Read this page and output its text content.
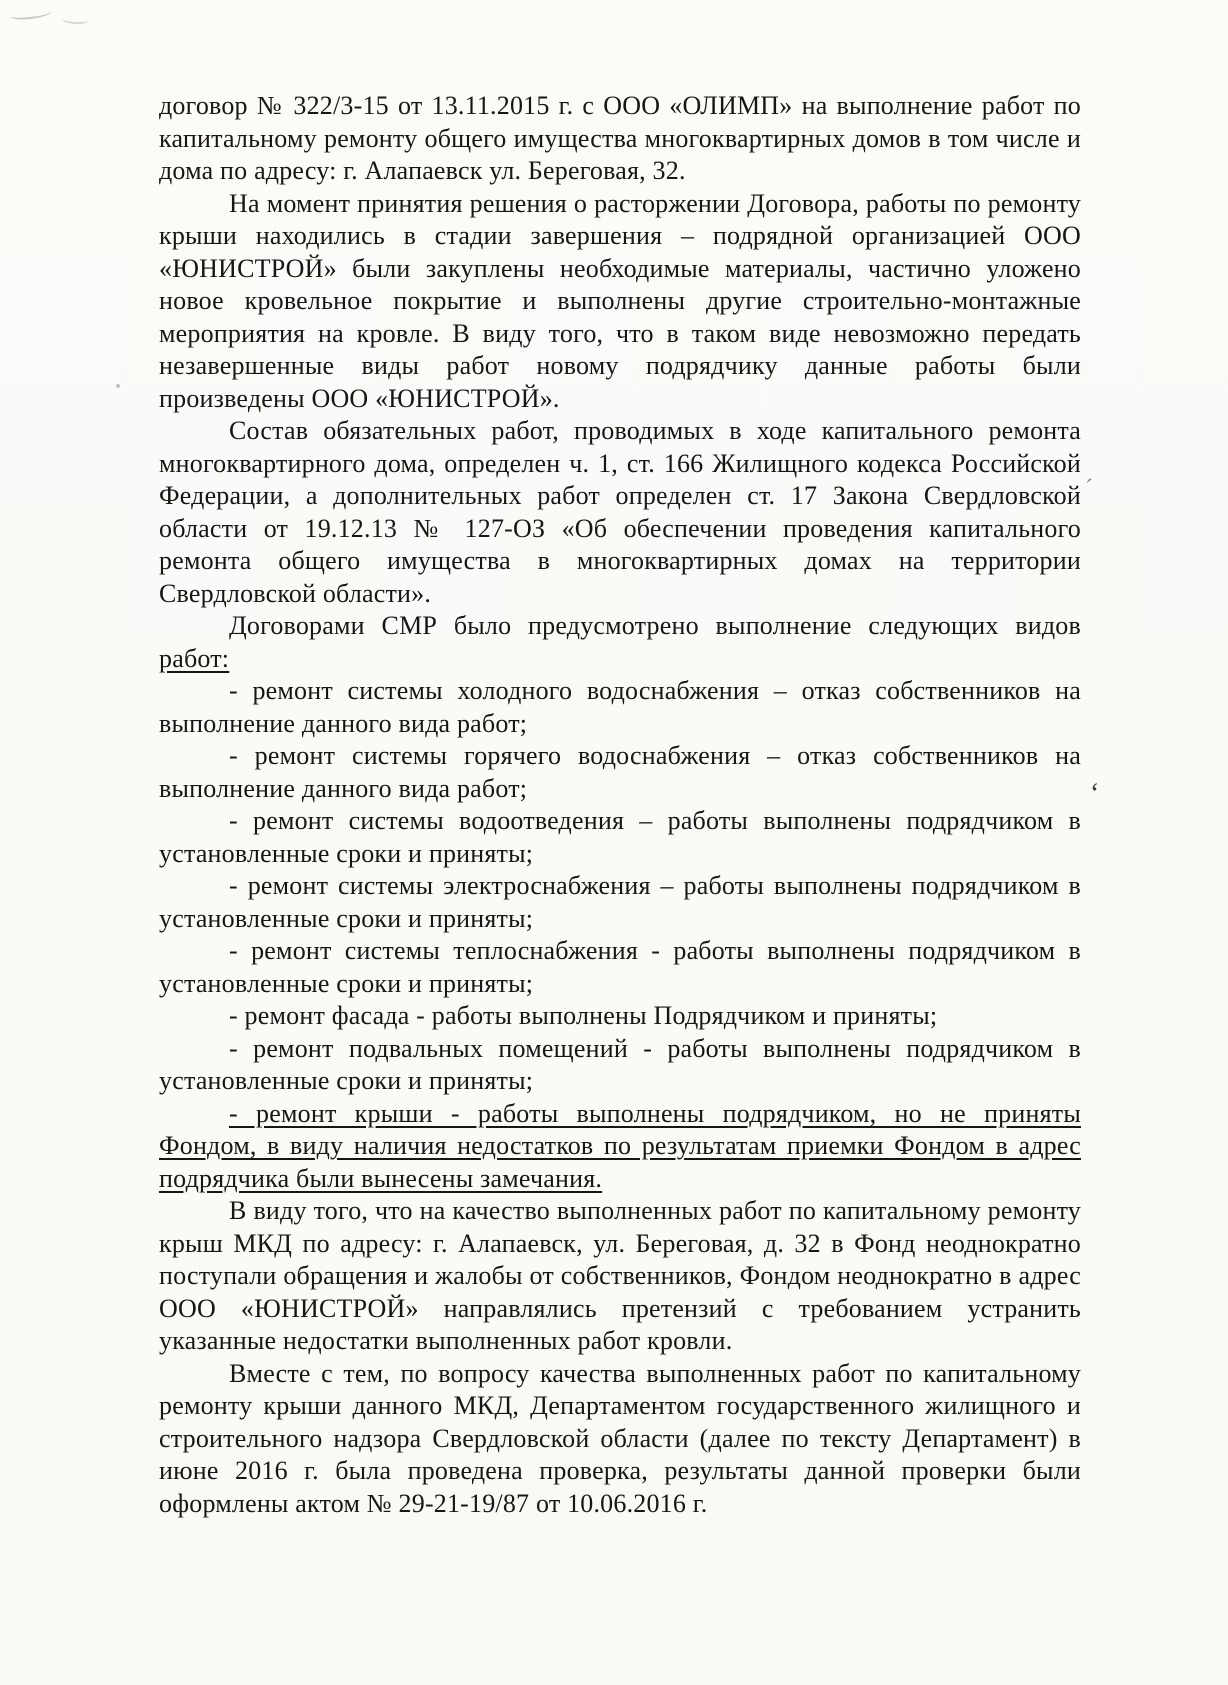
ˊ
‘

договор № 322/3-15 от 13.11.2015 г. с ООО «ОЛИМП» на выполнение работ по капитальному ремонту общего имущества многоквартирных домов в том числе и дома по адресу: г. Алапаевск ул. Береговая, 32.

На момент принятия решения о расторжении Договора, работы по ремонту крыши находились в стадии завершения – подрядной организацией ООО «ЮНИСТРОЙ» были закуплены необходимые материалы, частично уложено новое кровельное покрытие и выполнены другие строительно-монтажные мероприятия на кровле. В виду того, что в таком виде невозможно передать незавершенные виды работ новому подрядчику данные работы были произведены ООО «ЮНИСТРОЙ».

Состав обязательных работ, проводимых в ходе капитального ремонта многоквартирного дома, определен ч. 1, ст. 166 Жилищного кодекса Российской Федерации, а дополнительных работ определен ст. 17 Закона Свердловской области от 19.12.13 № 127-ОЗ «Об обеспечении проведения капитального ремонта общего имущества в многоквартирных домах на территории Свердловской области».

Договорами СМР было предусмотрено выполнение следующих видов работ:

- ремонт системы холодного водоснабжения – отказ собственников на выполнение данного вида работ;

- ремонт системы горячего водоснабжения – отказ собственников на выполнение данного вида работ;

- ремонт системы водоотведения – работы выполнены подрядчиком в установленные сроки и приняты;

- ремонт системы электроснабжения – работы выполнены подрядчиком в установленные сроки и приняты;

- ремонт системы теплоснабжения - работы выполнены подрядчиком в установленные сроки и приняты;

- ремонт фасада - работы выполнены Подрядчиком и приняты;

- ремонт подвальных помещений - работы выполнены подрядчиком в установленные сроки и приняты;

- ремонт крыши - работы выполнены подрядчиком, но не приняты Фондом, в виду наличия недостатков по результатам приемки Фондом в адрес подрядчика были вынесены замечания.

В виду того, что на качество выполненных работ по капитальному ремонту крыш МКД по адресу: г. Алапаевск, ул. Береговая, д. 32 в Фонд неоднократно поступали обращения и жалобы от собственников, Фондом неоднократно в адрес ООО «ЮНИСТРОЙ» направлялись претензий с требованием устранить указанные недостатки выполненных работ кровли.

Вместе с тем, по вопросу качества выполненных работ по капитальному ремонту крыши данного МКД, Департаментом государственного жилищного и строительного надзора Свердловской области (далее по тексту Департамент) в июне 2016 г. была проведена проверка, результаты данной проверки были оформлены актом № 29-21-19/87 от 10.06.2016 г.
